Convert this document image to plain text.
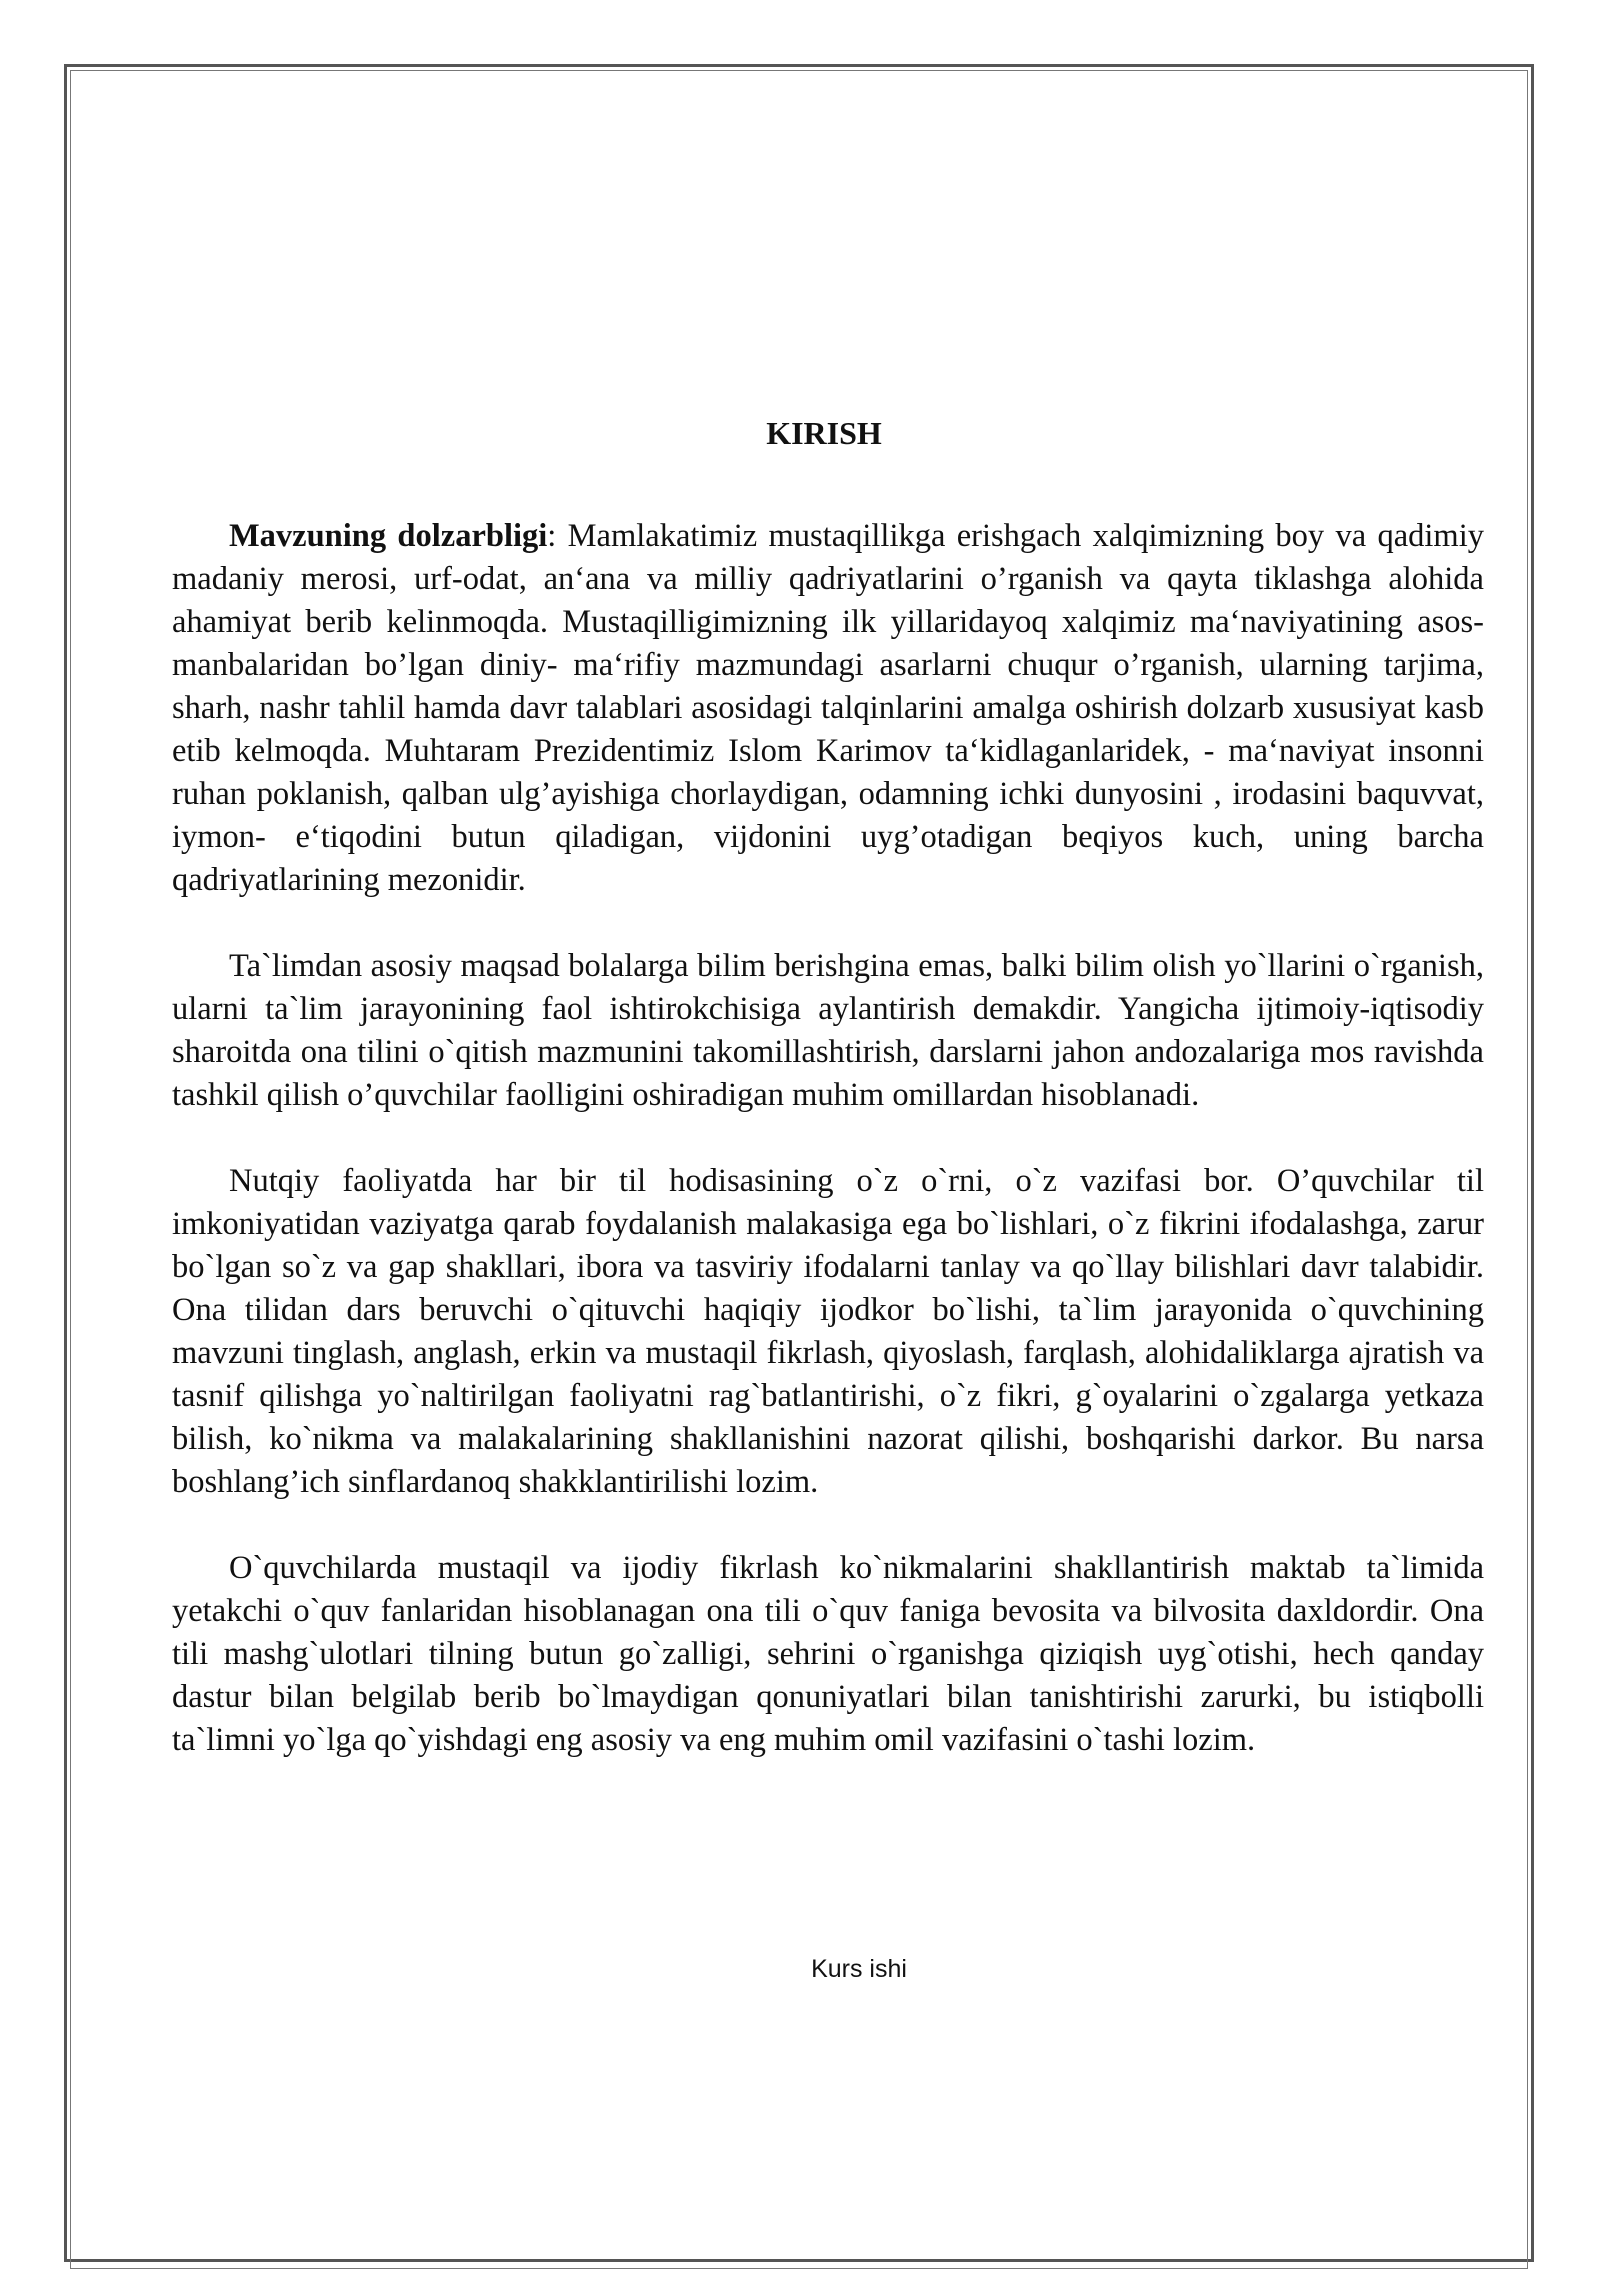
KIRISH

Mavzuning dolzarbligi: Mamlakatimiz mustaqillikga erishgach xalqimizning boy va qadimiy madaniy merosi, urf-odat, an‘ana va milliy qadriyatlarini o’rganish va qayta tiklashga alohida ahamiyat berib kelinmoqda. Mustaqilligimizning ilk yillaridayoq xalqimiz ma‘naviyatining asos-manbalaridan bo’lgan diniy- ma‘rifiy mazmundagi asarlarni chuqur o’rganish, ularning tarjima, sharh, nashr tahlil hamda davr talablari asosidagi talqinlarini amalga oshirish dolzarb xususiyat kasb etib kelmoqda. Muhtaram Prezidentimiz Islom Karimov ta‘kidlaganlaridek, - ma‘naviyat insonni ruhan poklanish, qalban ulg’ayishiga chorlaydigan, odamning ichki dunyosini , irodasini baquvvat, iymon- e‘tiqodini butun qiladigan, vijdonini uyg’otadigan beqiyos kuch, uning barcha qadriyatlarining mezonidir.

Ta`limdan asosiy maqsad bolalarga bilim berishgina emas, balki bilim olish yo`llarini o`rganish, ularni ta`lim jarayonining faol ishtirokchisiga aylantirish demakdir. Yangicha ijtimoiy-iqtisodiy sharoitda ona tilini o`qitish mazmunini takomillashtirish, darslarni jahon andozalariga mos ravishda tashkil qilish o’quvchilar faolligini oshiradigan muhim omillardan hisoblanadi.

Nutqiy faoliyatda har bir til hodisasining o`z o`rni, o`z vazifasi bor. O’quvchilar til imkoniyatidan vaziyatga qarab foydalanish malakasiga ega bo`lishlari, o`z fikrini ifodalashga, zarur bo`lgan so`z va gap shakllari, ibora va tasviriy ifodalarni tanlay va qo`llay bilishlari davr talabidir. Ona tilidan dars beruvchi o`qituvchi haqiqiy ijodkor bo`lishi, ta`lim jarayonida o`quvchining mavzuni tinglash, anglash, erkin va mustaqil fikrlash, qiyoslash, farqlash, alohidaliklarga ajratish va tasnif qilishga yo`naltirilgan faoliyatni rag`batlantirishi, o`z fikri, g`oyalarini o`zgalarga yetkaza bilish, ko`nikma va malakalarining shakllanishini nazorat qilishi, boshqarishi darkor. Bu narsa boshlang’ich sinflardanoq shakklantirilishi lozim.

O`quvchilarda mustaqil va ijodiy fikrlash ko`nikmalarini shakllantirish maktab ta`limida yetakchi o`quv fanlaridan hisoblanagan ona tili o`quv faniga bevosita va bilvosita daxldordir. Ona tili mashg`ulotlari tilning butun go`zalligi, sehrini o`rganishga qiziqish uyg`otishi, hech qanday dastur bilan belgilab berib bo`lmaydigan qonuniyatlari bilan tanishtirishi zarurki, bu istiqbolli ta`limni yo`lga qo`yishdagi eng asosiy va eng muhim omil vazifasini o`tashi lozim.

Kurs ishi
